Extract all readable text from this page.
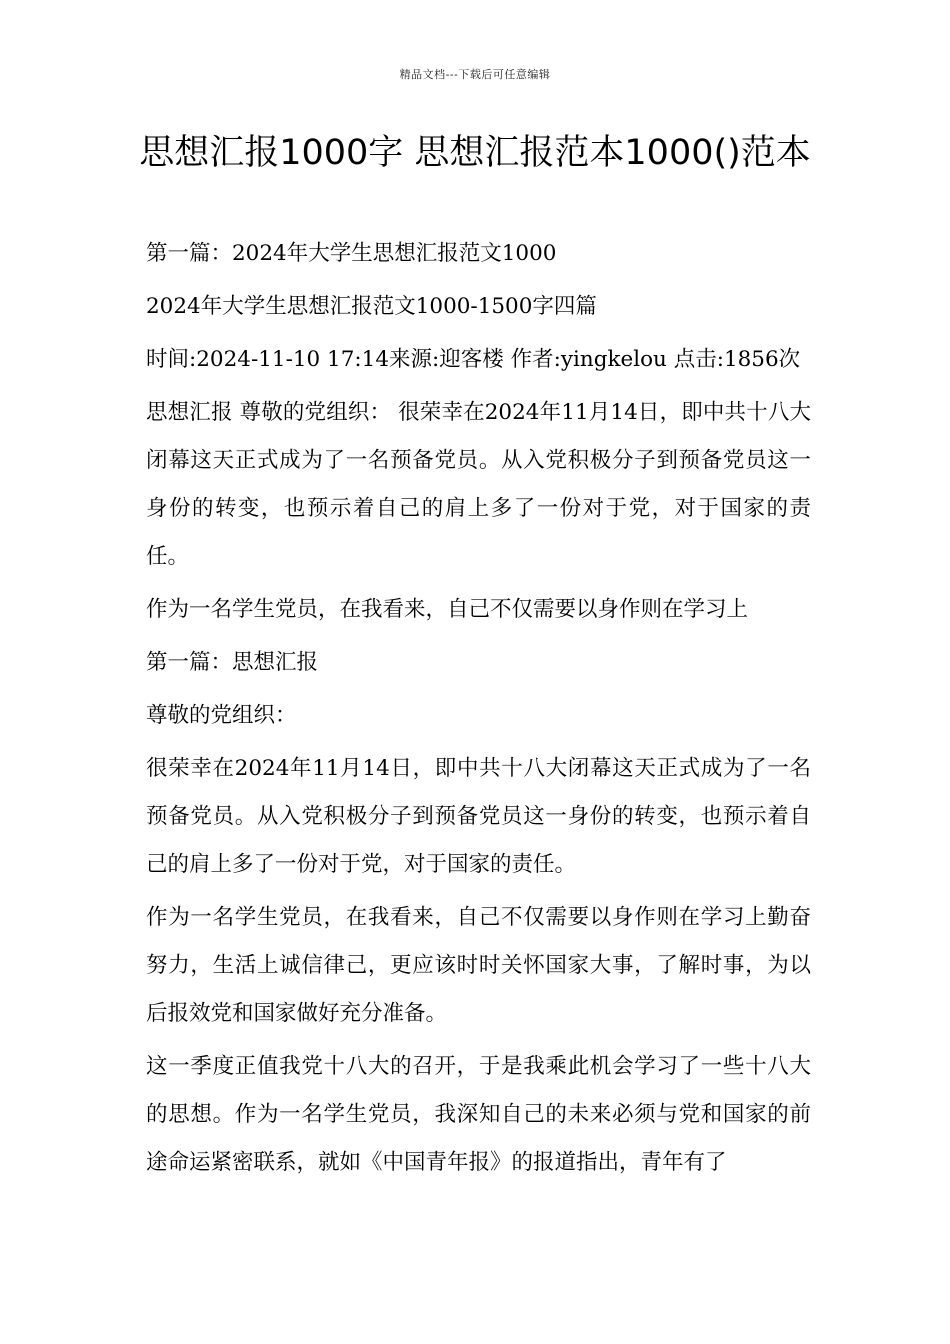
精品文档---下载后可任意编辑
思想汇报1000字 思想汇报范本1000()范本

第一篇：2024年大学生思想汇报范文1000

2024年大学生思想汇报范文1000-1500字四篇

时间:2024-11-10 17:14来源:迎客楼 作者:yingkelou 点击:1856次

思想汇报 尊敬的党组织： 很荣幸在2024年11月14日，即中共十八大闭幕这天正式成为了一名预备党员。从入党积极分子到预备党员这一身份的转变，也预示着自己的肩上多了一份对于党，对于国家的责任。

作为一名学生党员，在我看来，自己不仅需要以身作则在学习上

第一篇：思想汇报

尊敬的党组织：

很荣幸在2024年11月14日，即中共十八大闭幕这天正式成为了一名预备党员。从入党积极分子到预备党员这一身份的转变，也预示着自己的肩上多了一份对于党，对于国家的责任。

作为一名学生党员，在我看来，自己不仅需要以身作则在学习上勤奋努力，生活上诚信律己，更应该时时关怀国家大事，了解时事，为以后报效党和国家做好充分准备。

这一季度正值我党十八大的召开，于是我乘此机会学习了一些十八大的思想。作为一名学生党员，我深知自己的未来必须与党和国家的前途命运紧密联系，就如《中国青年报》的报道指出，青年有了
